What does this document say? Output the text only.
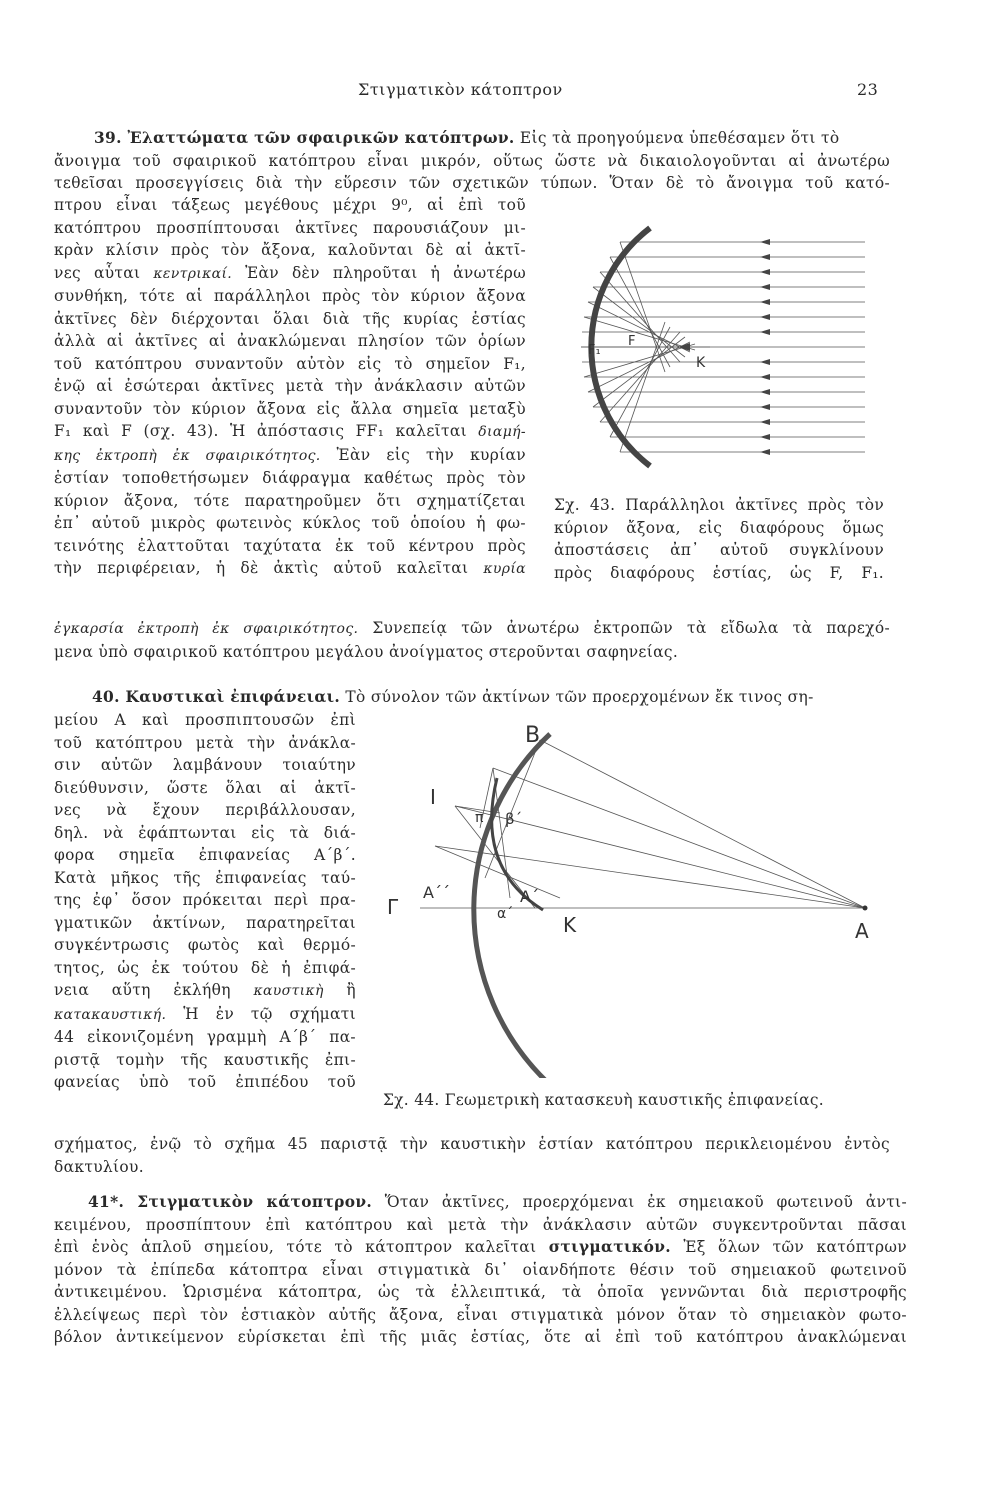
Στιγματικὸν κάτοπτρον	23
39. Ἐλαττώματα τῶν σφαιρικῶν κατόπτρων. Εἰς τὰ προηγούμενα ὑπεθέσαμεν ὅτι τὸ
ἄνοιγμα τοῦ σφαιρικοῦ κατόπτρου εἶναι μικρόν, οὕτως ὥστε νὰ δικαιολογοῦνται αἱ ἀνωτέρω
τεθεῖσαι προσεγγίσεις διὰ τὴν εὕρεσιν τῶν σχετικῶν τύπων. Ὅταν δὲ τὸ ἄνοιγμα τοῦ κατό-
πτρου εἶναι τάξεως μεγέθους μέχρι 9⁰, αἱ ἐπὶ τοῦ
κατόπτρου προσπίπτουσαι ἀκτῖνες παρουσιάζουν μι-
κρὰν κλίσιν πρὸς τὸν ἄξονα, καλοῦνται δὲ αἱ ἀκτῖ-
νες αὗται κεντρικαί. Ἐὰν δὲν πληροῦται ἡ ἀνωτέρω
συνθήκη, τότε αἱ παράλληλοι πρὸς τὸν κύριον ἄξονα
ἀκτῖνες δὲν διέρχονται ὅλαι διὰ τῆς κυρίας ἑστίας
ἀλλὰ αἱ ἀκτῖνες αἱ ἀνακλώμεναι πλησίον τῶν ὁρίων
τοῦ κατόπτρου συναντοῦν αὐτὸν εἰς τὸ σημεῖον F₁,
ἐνῷ αἱ ἐσώτεραι ἀκτῖνες μετὰ τὴν ἀνάκλασιν αὐτῶν
συναντοῦν τὸν κύριον ἄξονα εἰς ἄλλα σημεῖα μεταξὺ
F₁ καὶ F (σχ. 43). Ἡ ἀπόστασις FF₁ καλεῖται διαμή-
κης ἐκτροπὴ ἐκ σφαιρικότητος. Ἐὰν εἰς τὴν κυρίαν
ἑστίαν τοποθετήσωμεν διάφραγμα καθέτως πρὸς τὸν
κύριον ἄξονα, τότε παρατηροῦμεν ὅτι σχηματίζεται
ἐπ᾽ αὐτοῦ μικρὸς φωτεινὸς κύκλος τοῦ ὁποίου ἡ φω-
τεινότης ἐλαττοῦται ταχύτατα ἐκ τοῦ κέντρου πρὸς
τὴν περιφέρειαν, ἡ δὲ ἀκτὶς αὐτοῦ καλεῖται κυρία
ἐγκαρσία ἐκτροπὴ ἐκ σφαιρικότητος. Συνεπείᾳ τῶν ἀνωτέρω ἐκτροπῶν τὰ εἴδωλα τὰ παρεχό-
μενα ὑπὸ σφαιρικοῦ κατόπτρου μεγάλου ἀνοίγματος στεροῦνται σαφηνείας.
F₁
F
K
Σχ. 43. Παράλληλοι ἀκτῖνες πρὸς τὸν
κύριον ἄξονα, εἰς διαφόρους ὅμως
ἀποστάσεις ἀπ᾽ αὐτοῦ συγκλίνουν
πρὸς διαφόρους ἑστίας, ὡς F, F₁.
40. Καυστικαὶ ἐπιφάνειαι. Τὸ σύνολον τῶν ἀκτίνων τῶν προερχομένων ἔκ τινος ση-
μείου Α καὶ προσπιπτουσῶν ἐπὶ
τοῦ κατόπτρου μετὰ τὴν ἀνάκλα-
σιν αὐτῶν λαμβάνουν τοιαύτην
διεύθυνσιν, ὥστε ὅλαι αἱ ἀκτῖ-
νες νὰ ἔχουν περιβάλλουσαν,
δηλ. νὰ ἐφάπτωνται εἰς τὰ διά-
φορα σημεῖα ἐπιφανείας Α΄β΄.
Κατὰ μῆκος τῆς ἐπιφανείας ταύ-
της ἐφ᾽ ὅσον πρόκειται περὶ πρα-
γματικῶν ἀκτίνων, παρατηρεῖται
συγκέντρωσις φωτὸς καὶ θερμό-
τητος, ὡς ἐκ τούτου δὲ ἡ ἐπιφά-
νεια αὕτη ἐκλήθη καυστικὴ ἢ
κατακαυστική. Ἡ ἐν τῷ σχήματι
44 εἰκονιζομένη γραμμὴ Α΄β΄ πα-
ριστᾷ τομὴν τῆς καυστικῆς ἐπι-
φανείας ὑπὸ τοῦ ἐπιπέδου τοῦ
σχήματος, ἐνῷ τὸ σχῆμα 45 παριστᾷ τὴν καυστικὴν ἑστίαν κατόπτρου περικλειομένου ἐντὸς
δακτυλίου.
B
I
Γ
π β΄
Α΄΄	Α΄
α΄ K	Α
Σχ. 44. Γεωμετρικὴ κατασκευὴ καυστικῆς ἐπιφανείας.
41*. Στιγματικὸν κάτοπτρον. Ὅταν ἀκτῖνες, προερχόμεναι ἐκ σημειακοῦ φωτεινοῦ ἀντι-
κειμένου, προσπίπτουν ἐπὶ κατόπτρου καὶ μετὰ τὴν ἀνάκλασιν αὐτῶν συγκεντροῦνται πᾶσαι
ἐπὶ ἑνὸς ἁπλοῦ σημείου, τότε τὸ κάτοπτρον καλεῖται στιγματικόν. Ἐξ ὅλων τῶν κατόπτρων
μόνον τὰ ἐπίπεδα κάτοπτρα εἶναι στιγματικὰ δι᾽ οἱανδήποτε θέσιν τοῦ σημειακοῦ φωτεινοῦ
ἀντικειμένου. Ὡρισμένα κάτοπτρα, ὡς τὰ ἐλλειπτικά, τὰ ὁποῖα γεννῶνται διὰ περιστροφῆς
ἐλλείψεως περὶ τὸν ἑστιακὸν αὐτῆς ἄξονα, εἶναι στιγματικὰ μόνον ὅταν τὸ σημειακὸν φωτο-
βόλον ἀντικείμενον εὑρίσκεται ἐπὶ τῆς μιᾶς ἑστίας, ὅτε αἱ ἐπὶ τοῦ κατόπτρου ἀνακλώμεναι
